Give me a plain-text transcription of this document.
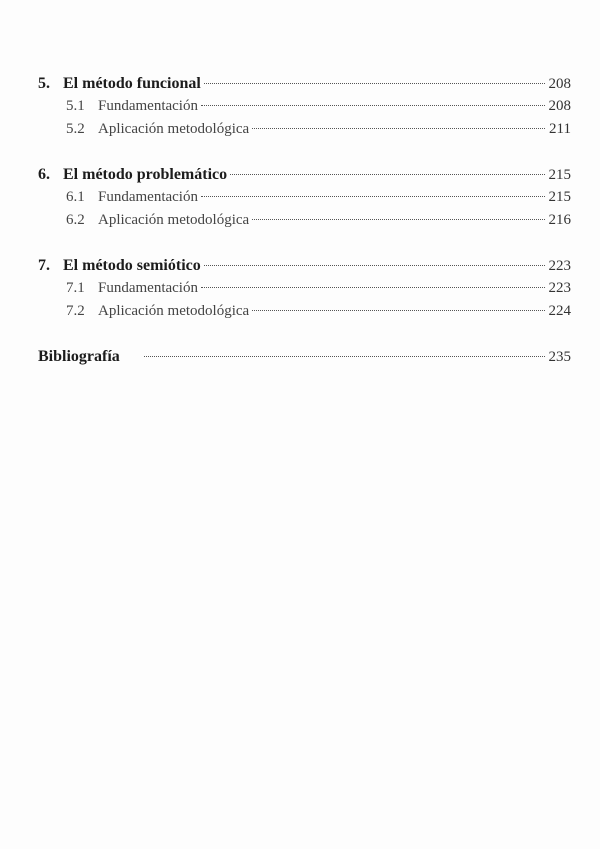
5. El método funcional	208
5.1 Fundamentación	208
5.2 Aplicación metodológica	211
6. El método problemático	215
6.1 Fundamentación	215
6.2 Aplicación metodológica	216
7. El método semiótico	223
7.1 Fundamentación	223
7.2 Aplicación metodológica	224
Bibliografía	235
